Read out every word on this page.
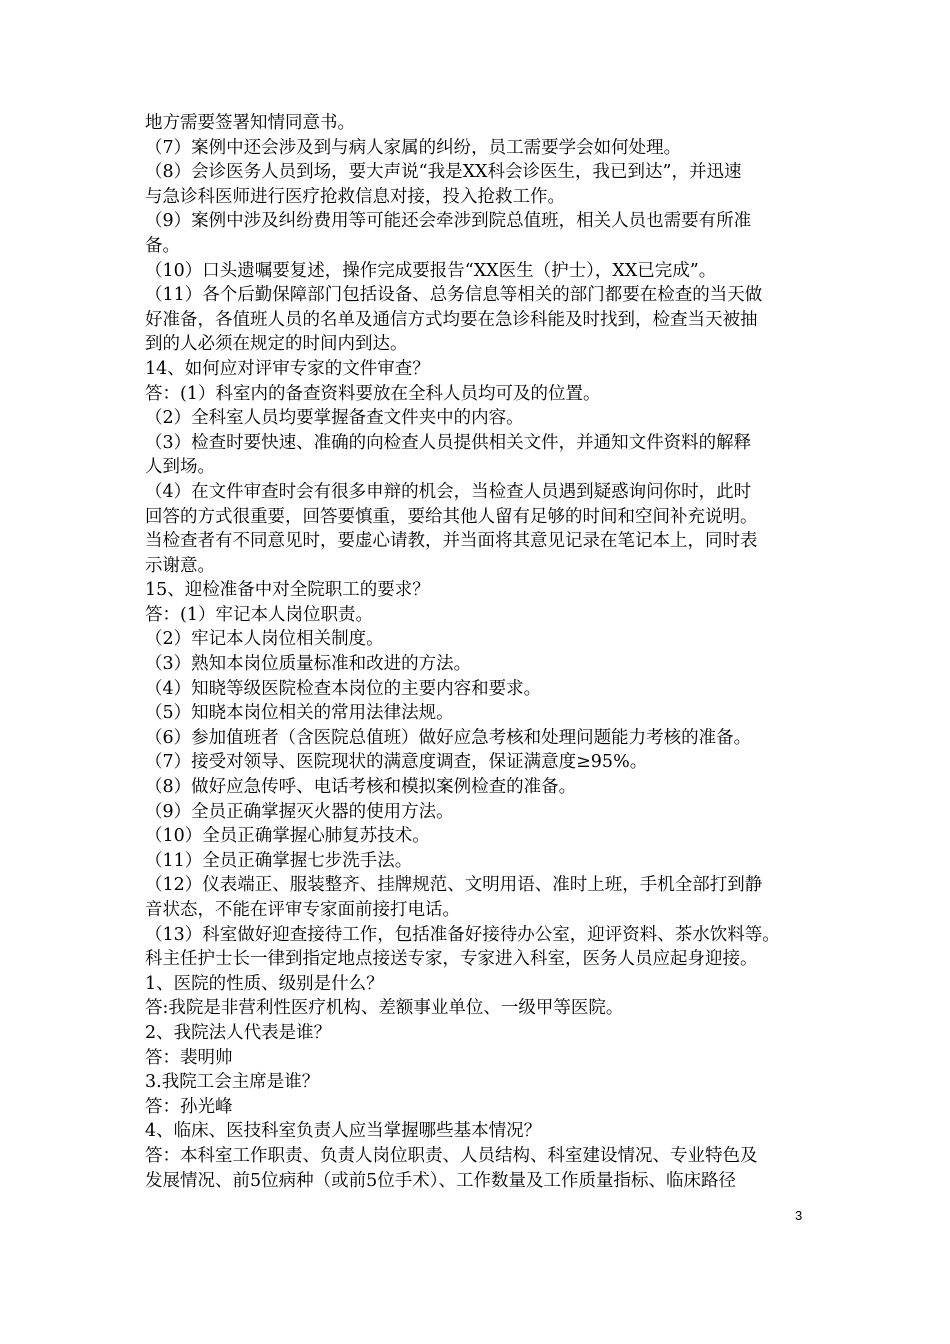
地方需要签署知情同意书。
（7）案例中还会涉及到与病人家属的纠纷，员工需要学会如何处理。
（8）会诊医务人员到场，要大声说“我是XX科会诊医生，我已到达”，并迅速
与急诊科医师进行医疗抢救信息对接，投入抢救工作。
（9）案例中涉及纠纷费用等可能还会牵涉到院总值班，相关人员也需要有所准
备。
（10）口头遗嘱要复述，操作完成要报告“XX医生（护士），XX已完成”。
（11）各个后勤保障部门包括设备、总务信息等相关的部门都要在检查的当天做
好准备，各值班人员的名单及通信方式均要在急诊科能及时找到，检查当天被抽
到的人必须在规定的时间内到达。
14、如何应对评审专家的文件审查？
答：(1）科室内的备查资料要放在全科人员均可及的位置。
（2）全科室人员均要掌握备查文件夹中的内容。
（3）检查时要快速、准确的向检查人员提供相关文件，并通知文件资料的解释
人到场。
（4）在文件审查时会有很多申辩的机会，当检查人员遇到疑惑询问你时，此时
回答的方式很重要，回答要慎重，要给其他人留有足够的时间和空间补充说明。
当检查者有不同意见时，要虚心请教，并当面将其意见记录在笔记本上，同时表
示谢意。
15、迎检准备中对全院职工的要求？
答：(1）牢记本人岗位职责。
（2）牢记本人岗位相关制度。
（3）熟知本岗位质量标准和改进的方法。
（4）知晓等级医院检查本岗位的主要内容和要求。
（5）知晓本岗位相关的常用法律法规。
（6）参加值班者（含医院总值班）做好应急考核和处理问题能力考核的准备。
（7）接受对领导、医院现状的满意度调查，保证满意度≥95%。
（8）做好应急传呼、电话考核和模拟案例检查的准备。
（9）全员正确掌握灭火器的使用方法。
（10）全员正确掌握心肺复苏技术。
（11）全员正确掌握七步洗手法。
（12）仪表端正、服装整齐、挂牌规范、文明用语、准时上班，手机全部打到静
音状态，不能在评审专家面前接打电话。
（13）科室做好迎查接待工作，包括准备好接待办公室，迎评资料、茶水饮料等。
科主任护士长一律到指定地点接送专家，专家进入科室，医务人员应起身迎接。
1、医院的性质、级别是什么？
答:我院是非营利性医疗机构、差额事业单位、一级甲等医院。
2、我院法人代表是谁？
答：裴明帅
3.我院工会主席是谁？
答：孙光峰
4、临床、医技科室负责人应当掌握哪些基本情况？
答：本科室工作职责、负责人岗位职责、人员结构、科室建设情况、专业特色及
发展情况、前5位病种（或前5位手术）、工作数量及工作质量指标、临床路径
3
